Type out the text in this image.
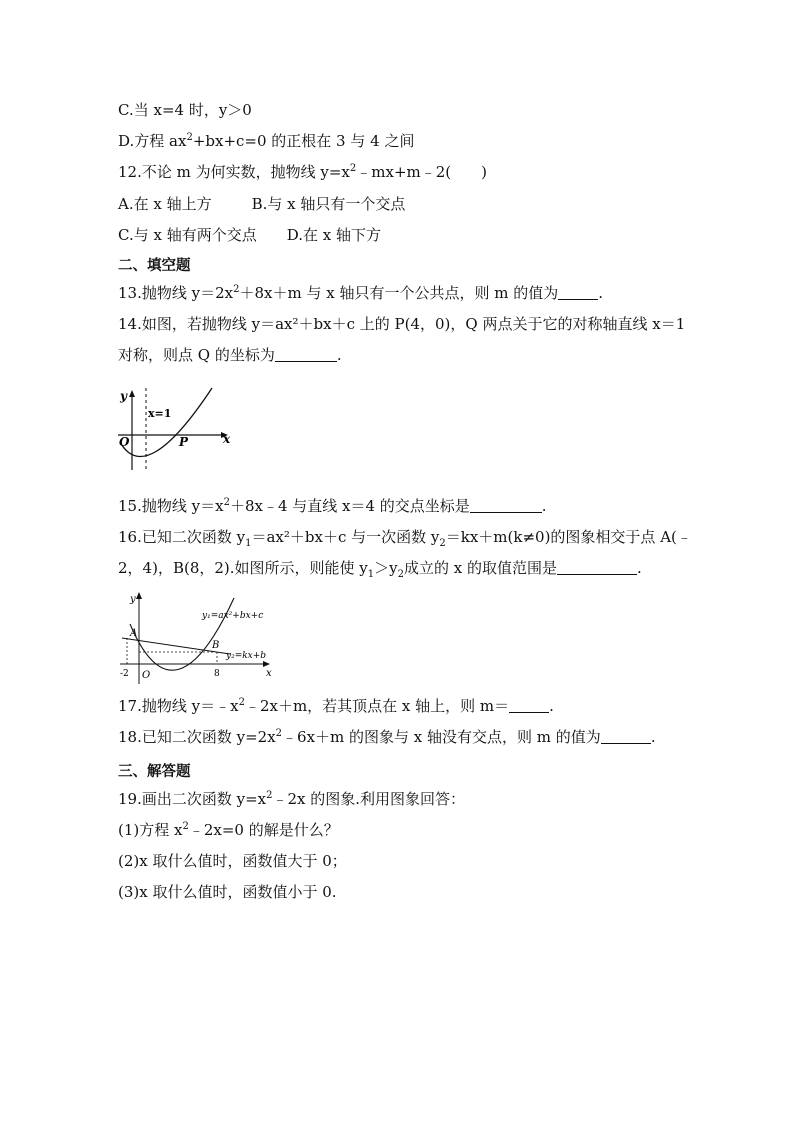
C.当 x=4 时，y＞0
D.方程 $ax^2+bx+c=0$ 的正根在 3 与 4 之间
12.不论 m 为何实数，抛物线 $y=x^2﹣mx+m﹣2$(　　)
A.在 x 轴上方	B.与 x 轴只有一个交点
C.与 x 轴有两个交点 D.在 x 轴下方
二、填空题
13.抛物线 $y=2x^2+8x+m$ 与 x 轴只有一个公共点，则 m 的值为	.
14.如图，若抛物线 y＝ax²＋bx＋c 上的 P(4，0)，Q 两点关于它的对称轴直线 x＝1
对称，则点 Q 的坐标为	.
y
x=1
O	P	x
15.抛物线 $y=x^2+8x﹣4$ 与直线 x＝4 的交点坐标是	.
16.已知二次函数 $y_1=ax^2+bx+c$ 与一次函数 $y_2=kx+m(k\ne 0)$的图象相交于点 A(﹣
2，4)，B(8，2).如图所示，则能使 $y_1>y_2$成立的 x 的取值范围是	.
y
A
B
O
-2	8	x
y₁=ax²+bx+c
y₂=kx+b
17.抛物线 $y=﹣x^2﹣2x+m$，若其顶点在 x 轴上，则 m＝	.
18.已知二次函数 $y=2x^2﹣6x+m$ 的图象与 x 轴没有交点，则 m 的值为	.
三、解答题
19.画出二次函数 $y=x^2﹣2x$ 的图象.利用图象回答：
(1)方程 $x^2﹣2x=0$ 的解是什么？
(2)x 取什么值时，函数值大于 0；
(3)x 取什么值时，函数值小于 0.
